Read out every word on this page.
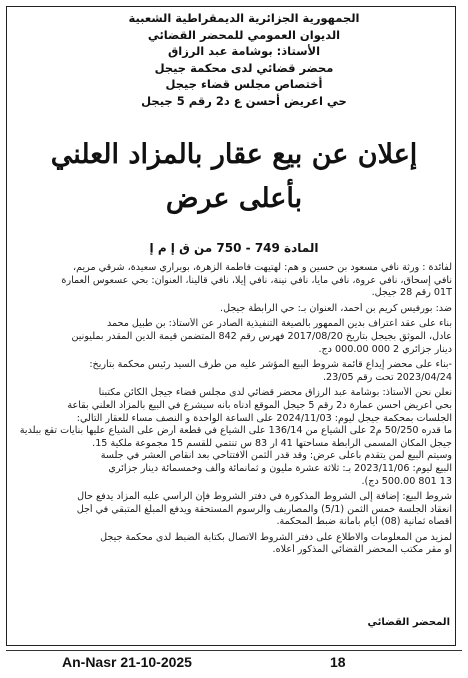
الجمهورية الجزائرية الديمقراطية الشعبية
الديوان العمومي للمحضر القضائي
الأستاذ: بوشامة عبد الرزاق
محضر قضائي لدى محكمة جيجل
أختصاص مجلس قضاء جيجل
حي اعريض أحسن ع د2 رقم 5 جيجل
إعلان عن بيع عقار بالمزاد العلني
بأعلى عرض
المادة 749 - 750 من ق إ م إ
لفائدة : ورثة نافي مسعود بن حسين و هم: لهتيهت فاطمة الزهرة، بوبراري سعيدة، شرقي مريم،
نافي إسحاق، نافي عروة، نافي مايا، نافي نينة، نافي إيلا، نافي قالينا، العنوان: بحي عسعوس العمارة
01T رقم 28 جيجل.
ضد: بورفيس كريم بن أحمد، العنوان بـ: حي الرابطة جيجل.
بناء على عقد اعتراف بدين الممهور بالصيغة التنفيذية الصادر عن الأستاذ: بن طبيل محمد
عادل، الموثق بجيجل بتاريخ 2017/08/20 فهرس رقم 842 المتضمن قيمة الدين المقدر بمليونين
دينار جزائري 2 000 000.00 دج.
-بناء على محضر إيداع قائمة شروط البيع المؤشر عليه من طرف السيد رئيس محكمة بتاريخ:
2023/04/24 تحت رقم 23/05.
نعلن نحن الأستاذ: بوشامة عبد الرزاق محضر قضائي لدى مجلس قضاء جيجل الكائن مكتبنا
بحي أعريض أحسن عمارة د2 رقم 5 جيجل الموقع أدناه بأنه سيشرع في البيع بالمزاد العلني بقاعة
الجلسات بمحكمة جيجل ليوم: 2024/11/03 على الساعة الواحدة و النصف مساء للعقار التالي:
ما قدره 50/250 م2 على الشياع من 136/14 على الشياع في قطعة أرض على الشياع عليها بنايات تقع ببلدية
جيجل المكان المسمى الرابطة مساحتها 41 آر 83 س تنتمي للقسم 15 مجموعة ملكية 15.
وسيتم البيع لمن يتقدم بأعلى عرض: وقد قدر الثمن الافتتاحي بعد انقاص العشر في جلسة
البيع ليوم: 2023/11/06 بـ: ثلاثة عشرة مليون و ثمانمائة وألف وخمسمائة دينار جزائري
13 801 500.00 دج).
شروط البيع: إضافة إلى الشروط المذكورة في دفتر الشروط فإن الراسي عليه المزاد يدفع حال
انعقاد الجلسة خمس الثمن (5/1) والمصاريف والرسوم المستحقة ويدفع المبلغ المتبقي في أجل
أقصاه ثمانية (08) أيام بأمانة ضبط المحكمة.
لمزيد من المعلومات والاطلاع على دفتر الشروط الاتصال بكتابة الضبط لدى محكمة جيجل
أو مقر مكتب المحضر القضائي المذكور أعلاه.
المحضر القضائي
An-Nasr 21-10-2025	18
